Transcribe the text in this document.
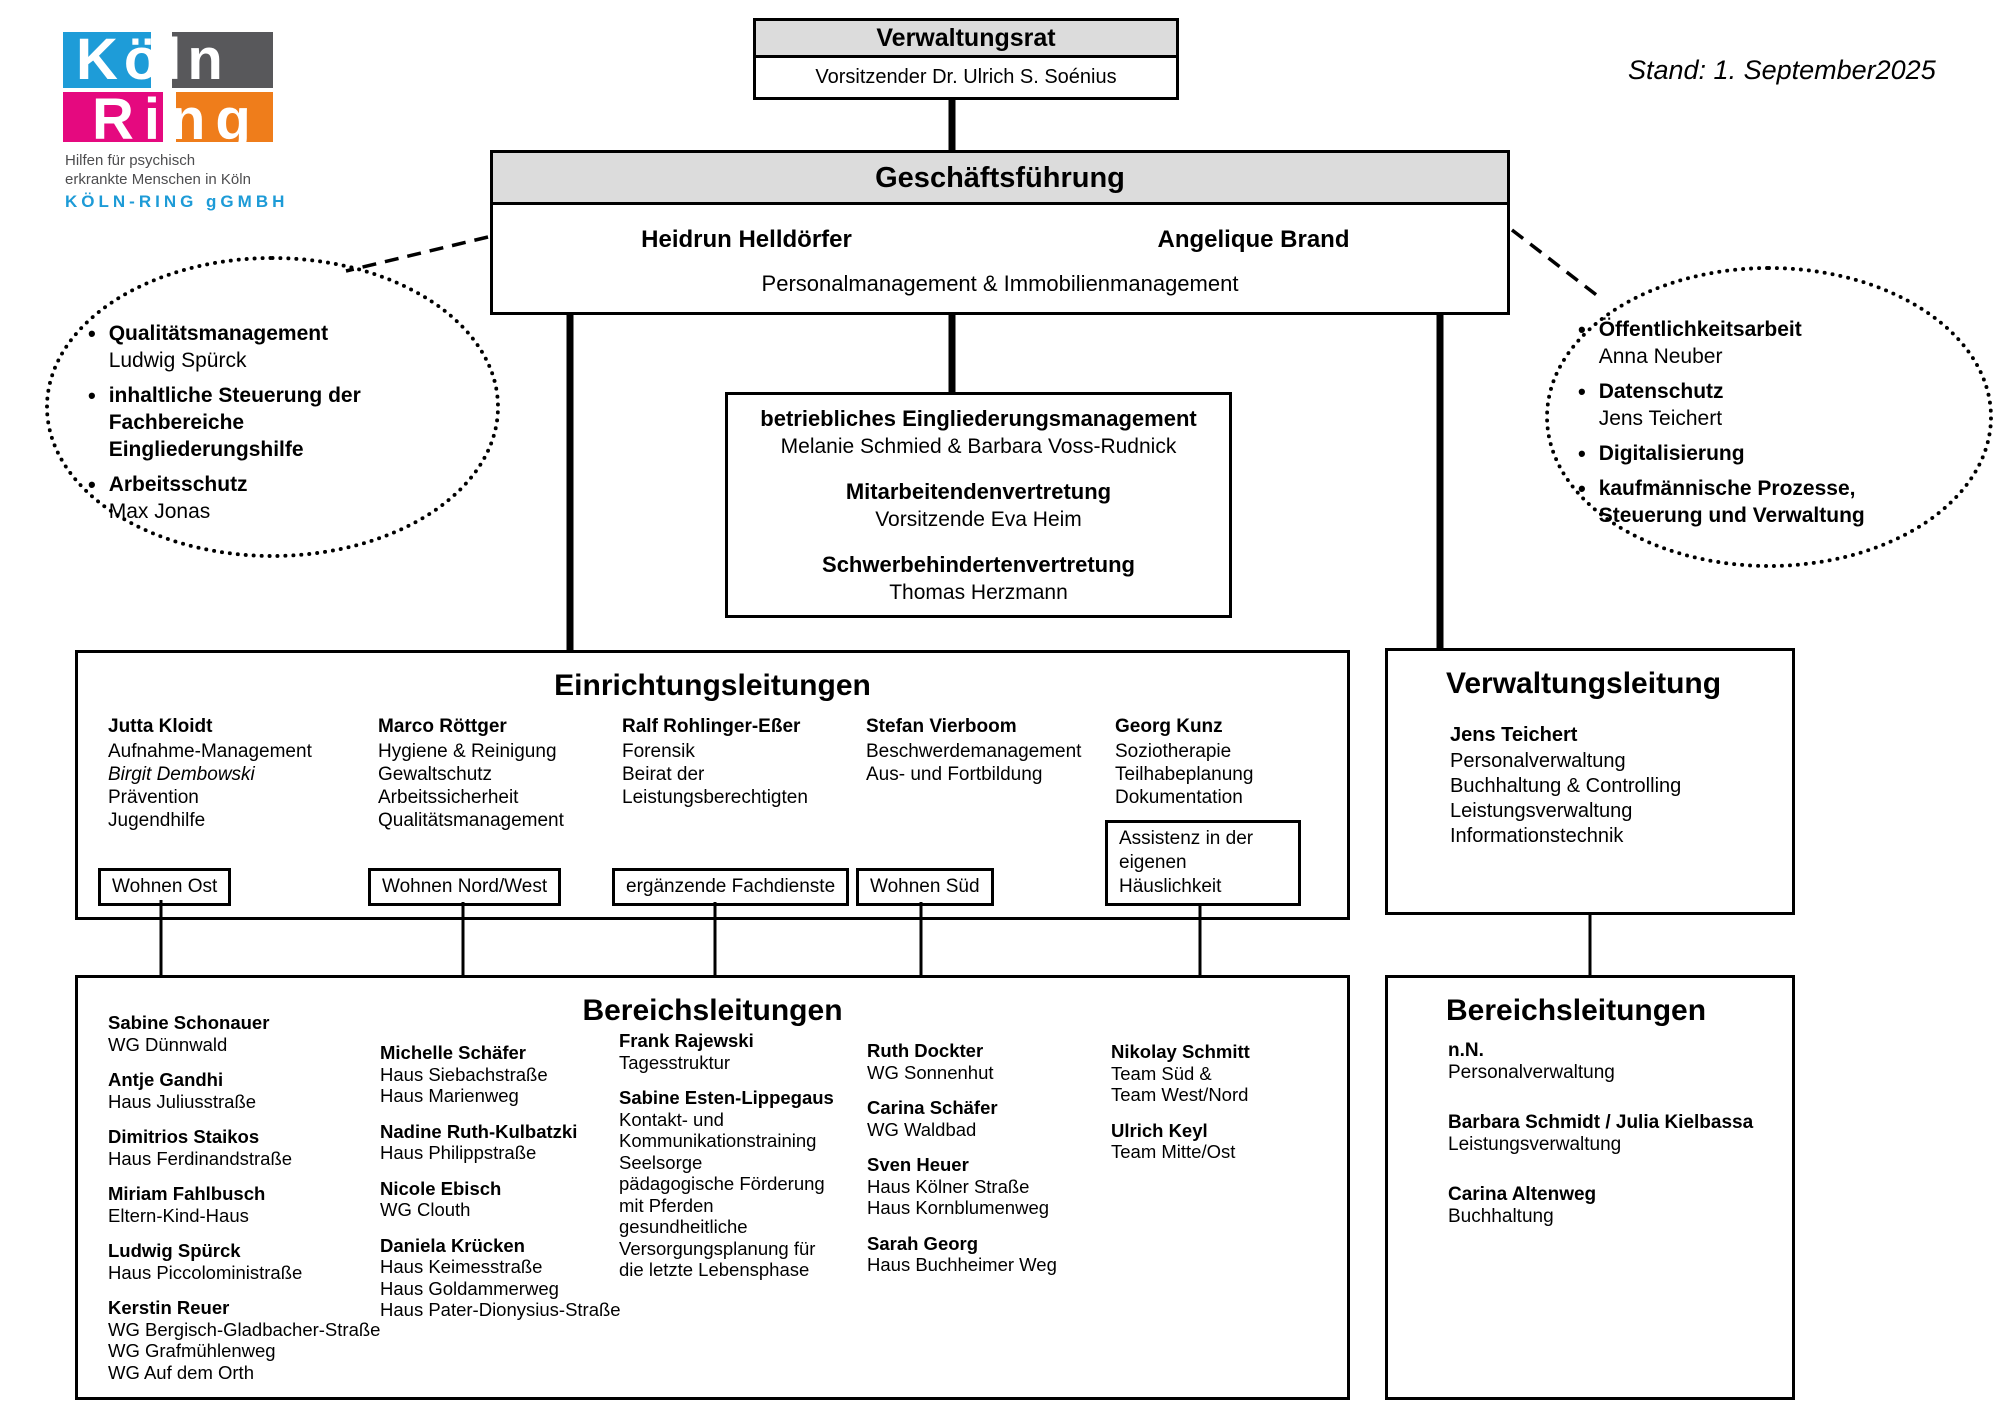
Köln
Ring
Hilfen für psychisch
erkrankte Menschen in Köln
KÖLN-RING gGMBH
Stand: 1. September2025
Verwaltungsrat
Vorsitzender Dr. Ulrich S. Soénius
Geschäftsführung
Heidrun Helldörfer	Angelique Brand
Personalmanagement & Immobilienmanagement
• Qualitätsmanagement
Ludwig Spürck
• inhaltliche Steuerung der Fachbereiche Eingliederungshilfe
• Arbeitsschutz
Max Jonas
• Öffentlichkeitsarbeit
Anna Neuber
• Datenschutz
Jens Teichert
• Digitalisierung
• kaufmännische Prozesse, Steuerung und Verwaltung
betriebliches Eingliederungsmanagement
Melanie Schmied & Barbara Voss-Rudnick
Mitarbeitendenvertretung
Vorsitzende Eva Heim
Schwerbehindertenvertretung
Thomas Herzmann
Einrichtungsleitungen
Jutta Kloidt
Aufnahme-Management
Birgit Dembowski
Prävention
Jugendhilfe
Wohnen Ost
Marco Röttger
Hygiene & Reinigung
Gewaltschutz
Arbeitssicherheit
Qualitätsmanagement
Wohnen Nord/West
Ralf Rohlinger-Eßer
Forensik
Beirat der
Leistungsberechtigten
ergänzende Fachdienste
Stefan Vierboom
Beschwerdemanagement
Aus- und Fortbildung
Wohnen Süd
Georg Kunz
Soziotherapie
Teilhabeplanung
Dokumentation
Assistenz in der eigenen Häuslichkeit
Verwaltungsleitung
Jens Teichert
Personalverwaltung
Buchhaltung & Controlling
Leistungsverwaltung
Informationstechnik
Bereichsleitungen
Sabine Schonauer
WG Dünnwald
Antje Gandhi
Haus Juliusstraße
Dimitrios Staikos
Haus Ferdinandstraße
Miriam Fahlbusch
Eltern-Kind-Haus
Ludwig Spürck
Haus Piccoloministraße
Kerstin Reuer
WG Bergisch-Gladbacher-Straße
WG Grafmühlenweg
WG Auf dem Orth
Michelle Schäfer
Haus Siebachstraße
Haus Marienweg
Nadine Ruth-Kulbatzki
Haus Philippstraße
Nicole Ebisch
WG Clouth
Daniela Krücken
Haus Keimesstraße
Haus Goldammerweg
Haus Pater-Dionysius-Straße
Frank Rajewski
Tagesstruktur
Sabine Esten-Lippegaus
Kontakt- und
Kommunikationstraining
Seelsorge
pädagogische Förderung
mit Pferden
gesundheitliche
Versorgungsplanung für
die letzte Lebensphase
Ruth Dockter
WG Sonnenhut
Carina Schäfer
WG Waldbad
Sven Heuer
Haus Kölner Straße
Haus Kornblumenweg
Sarah Georg
Haus Buchheimer Weg
Nikolay Schmitt
Team Süd &
Team West/Nord
Ulrich Keyl
Team Mitte/Ost
Bereichsleitungen
n.N.
Personalverwaltung
Barbara Schmidt / Julia Kielbassa
Leistungsverwaltung
Carina Altenweg
Buchhaltung
